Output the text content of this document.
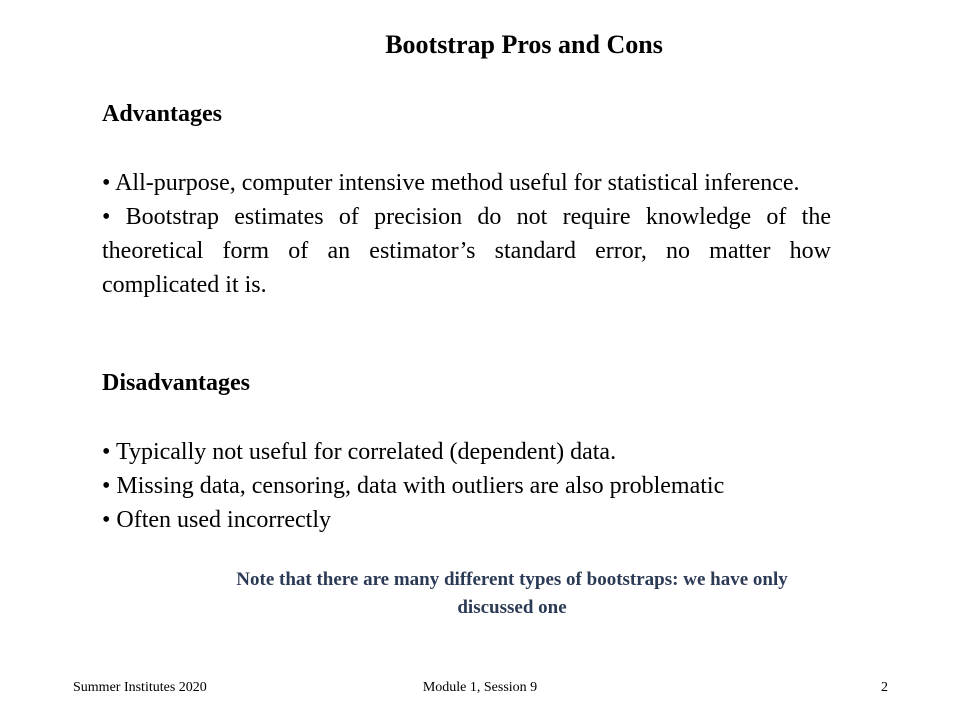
Bootstrap Pros and Cons
Advantages
• All-purpose, computer intensive method useful for statistical inference.
• Bootstrap estimates of precision do not require knowledge of the theoretical form of an estimator’s standard error, no matter how complicated it is.
Disadvantages
• Typically not useful for correlated (dependent) data.
• Missing data, censoring, data with outliers are also problematic
• Often used incorrectly

Note that there are many different types of bootstraps: we have only discussed one

Summer Institutes 2020	Module 1, Session 9	2
